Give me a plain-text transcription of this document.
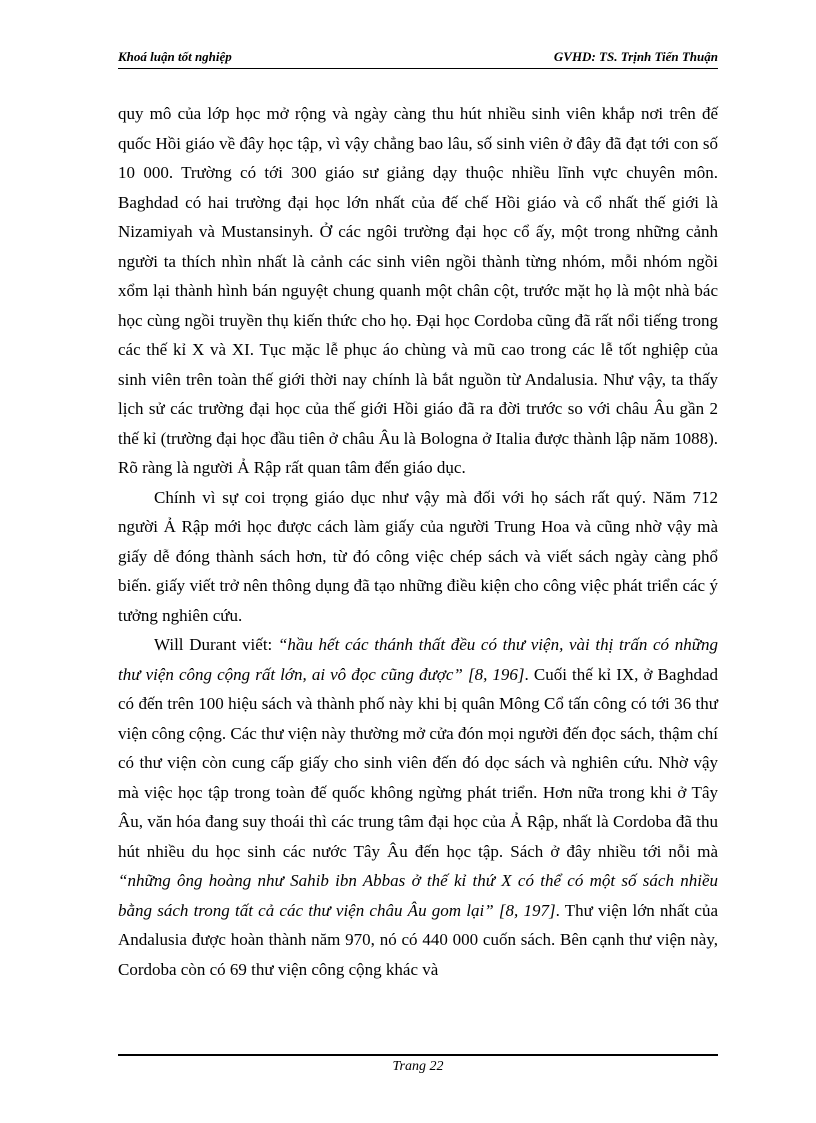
Khoá luận tốt nghiệp	GVHD: TS. Trịnh Tiến Thuận

quy mô của lớp học mở rộng và ngày càng thu hút nhiều sinh viên khắp nơi trên đế quốc Hồi giáo về đây học tập, vì vậy chẳng bao lâu, số sinh viên ở đây đã đạt tới con số 10 000. Trường có tới 300 giáo sư giảng dạy thuộc nhiều lĩnh vực chuyên môn. Baghdad có hai trường đại học lớn nhất của đế chế Hồi giáo và cổ nhất thế giới là Nizamiyah và Mustansinyh. Ở các ngôi trường đại học cổ ấy, một trong những cảnh người ta thích nhìn nhất là cảnh các sinh viên ngồi thành từng nhóm, mỗi nhóm ngồi xổm lại thành hình bán nguyệt chung quanh một chân cột, trước mặt họ là một nhà bác học cùng ngồi truyền thụ kiến thức cho họ. Đại học Cordoba cũng đã rất nổi tiếng trong các thế kỉ X và XI. Tục mặc lễ phục áo chùng và mũ cao trong các lễ tốt nghiệp của sinh viên trên toàn thế giới thời nay chính là bắt nguồn từ Andalusia. Như vậy, ta thấy lịch sử các trường đại học của thế giới Hồi giáo đã ra đời trước so với châu Âu gần 2 thế kỉ (trường đại học đầu tiên ở châu Âu là Bologna ở Italia được thành lập năm 1088). Rõ ràng là người Ả Rập rất quan tâm đến giáo dục.

Chính vì sự coi trọng giáo dục như vậy mà đối với họ sách rất quý. Năm 712 người Ả Rập mới học được cách làm giấy của người Trung Hoa và cũng nhờ vậy mà giấy dễ đóng thành sách hơn, từ đó công việc chép sách và viết sách ngày càng phổ biến. giấy viết trở nên thông dụng đã tạo những điều kiện cho công việc phát triển các ý tưởng nghiên cứu.

Will Durant viết: “hầu hết các thánh thất đều có thư viện, vài thị trấn có những thư viện công cộng rất lớn, ai vô đọc cũng được” [8, 196]. Cuối thế kỉ IX, ở Baghdad có đến trên 100 hiệu sách và thành phố này khi bị quân Mông Cổ tấn công có tới 36 thư viện công cộng. Các thư viện này thường mở cửa đón mọi người đến đọc sách, thậm chí có thư viện còn cung cấp giấy cho sinh viên đến đó dọc sách và nghiên cứu. Nhờ vậy mà việc học tập trong toàn đế quốc không ngừng phát triển. Hơn nữa trong khi ở Tây Âu, văn hóa đang suy thoái thì các trung tâm đại học của Ả Rập, nhất là Cordoba đã thu hút nhiều du học sinh các nước Tây Âu đến học tập. Sách ở đây nhiều tới nỗi mà “những ông hoàng như Sahib ibn Abbas ở thế kỉ thứ X có thể có một số sách nhiều bằng sách trong tất cả các thư viện châu Âu gom lại” [8, 197]. Thư viện lớn nhất của Andalusia được hoàn thành năm 970, nó có 440 000 cuốn sách. Bên cạnh thư viện này, Cordoba còn có 69 thư viện công cộng khác và

Trang 22
